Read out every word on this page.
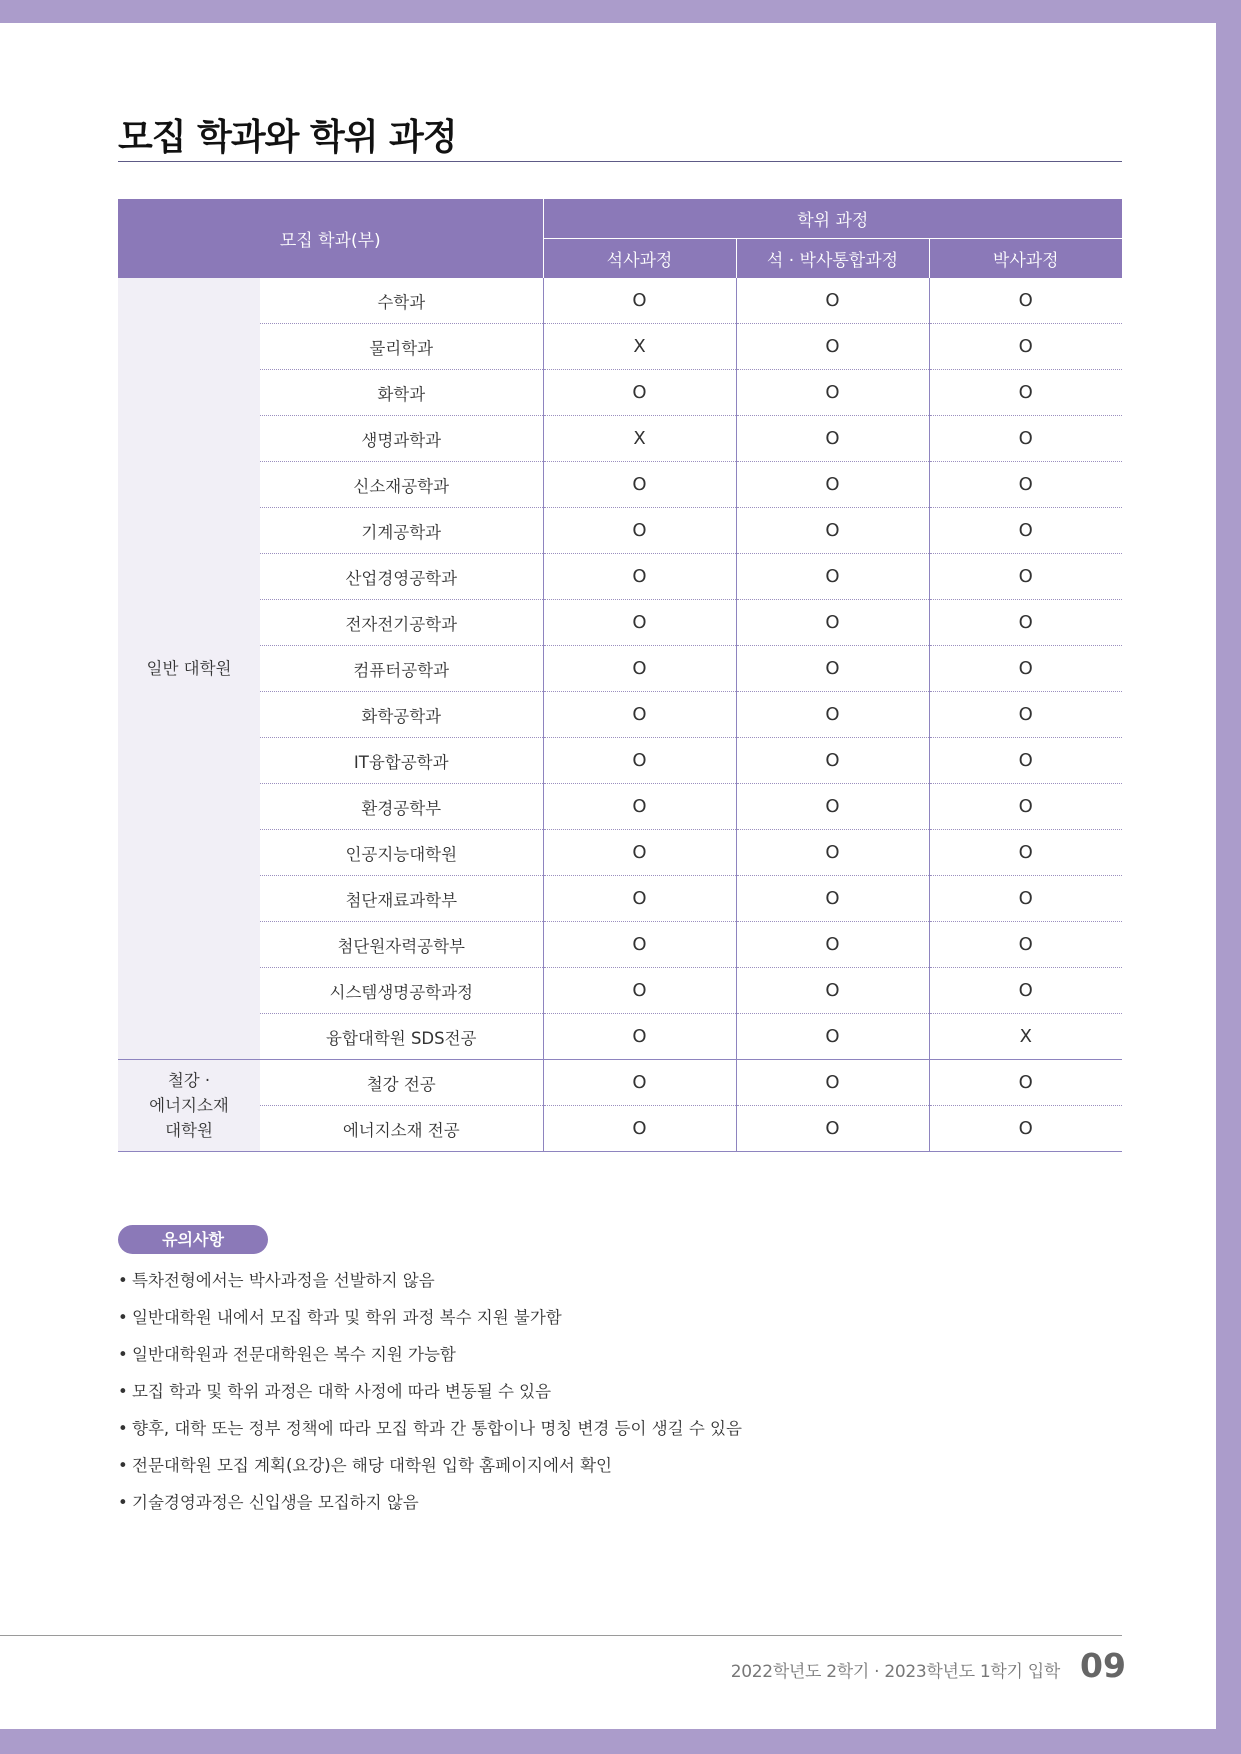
모집 학과와 학위 과정
모집 학과(부)		학위 과정		
		석사과정	석 · 박사통합과정	박사과정
일반 대학원	수학과	O	O	O
	물리학과	X	O	O
	화학과	O	O	O
	생명과학과	X	O	O
	신소재공학과	O	O	O
	기계공학과	O	O	O
	산업경영공학과	O	O	O
	전자전기공학과	O	O	O
	컴퓨터공학과	O	O	O
	화학공학과	O	O	O
	IT융합공학과	O	O	O
	환경공학부	O	O	O
	인공지능대학원	O	O	O
	첨단재료과학부	O	O	O
	첨단원자력공학부	O	O	O
	시스템생명공학과정	O	O	O
	융합대학원 SDS전공	O	O	X
철강 ·
에너지소재
대학원	철강 전공	O	O	O
	에너지소재 전공	O	O	O
유의사항
• 특차전형에서는 박사과정을 선발하지 않음
• 일반대학원 내에서 모집 학과 및 학위 과정 복수 지원 불가함
• 일반대학원과 전문대학원은 복수 지원 가능함
• 모집 학과 및 학위 과정은 대학 사정에 따라 변동될 수 있음
• 향후, 대학 또는 정부 정책에 따라 모집 학과 간 통합이나 명칭 변경 등이 생길 수 있음
• 전문대학원 모집 계획(요강)은 해당 대학원 입학 홈페이지에서 확인
• 기술경영과정은 신입생을 모집하지 않음
2022학년도 2학기 · 2023학년도 1학기 입학 09
